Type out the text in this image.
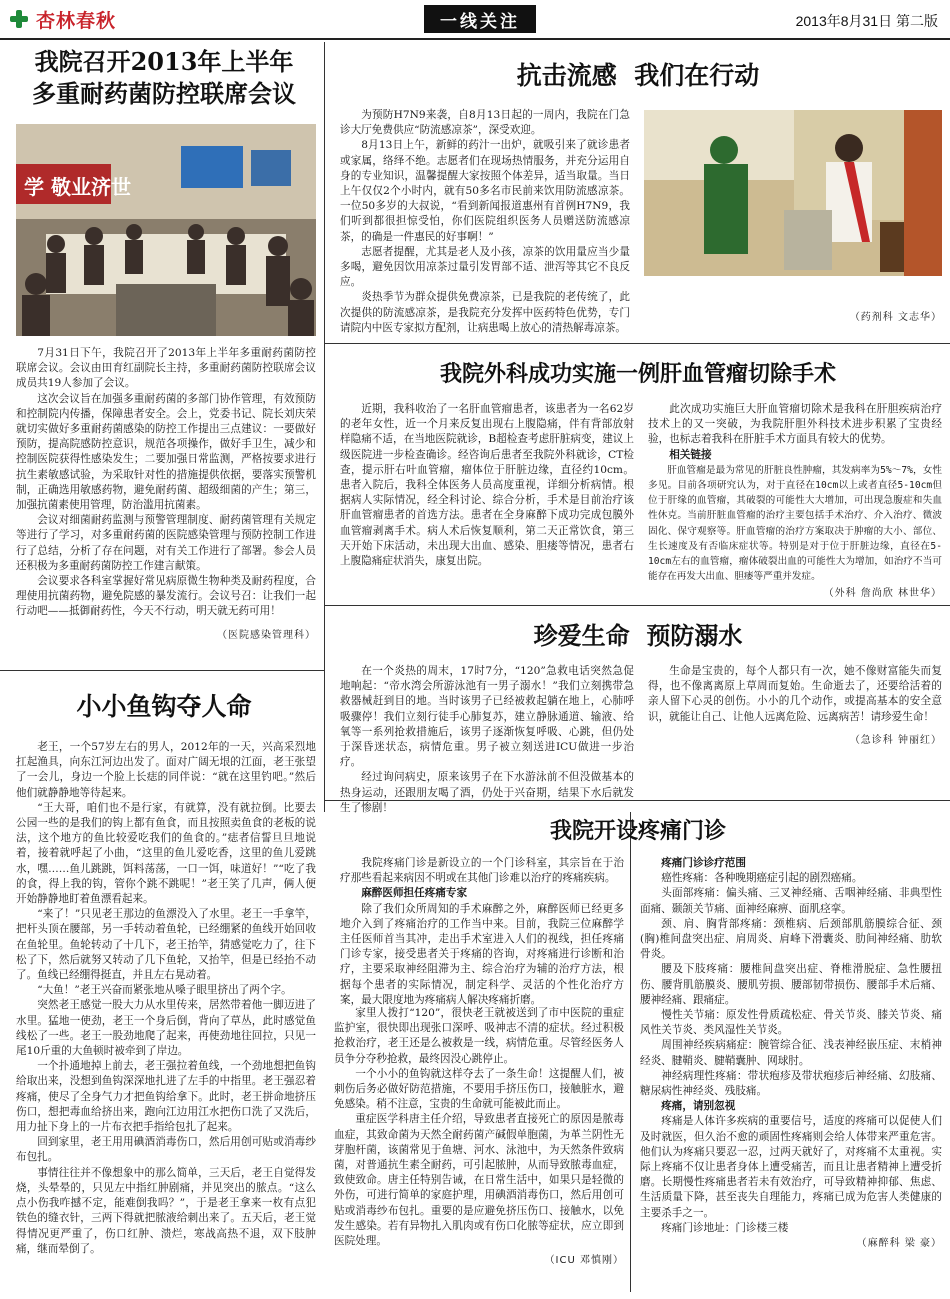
杏林春秋	一线关注	2013年8月31日 第二版
我院召开2013年上半年
多重耐药菌防控联席会议
学 敬业济世

7月31日下午，我院召开了2013年上半年多重耐药菌防控联席会议。会议由田育红副院长主持，多重耐药菌防控联席会议成员共19人参加了会议。

这次会议旨在加强多重耐药菌的多部门协作管理，有效预防和控制院内传播，保障患者安全。会上，党委书记、院长刘庆荣就切实做好多重耐药菌感染的防控工作提出三点建议：一要做好预防，提高院感防控意识，规范各项操作，做好手卫生，减少和控制医院获得性感染发生；二要加强日常监测，严格按要求进行抗生素敏感试验，为采取针对性的措施提供依据，要落实预警机制，正确选用敏感药物，避免耐药菌、超级细菌的产生；第三，加强抗菌素使用管理，防治滥用抗菌素。

会议对细菌耐药监测与预警管理制度、耐药菌管理有关规定等进行了学习，对多重耐药菌的医院感染管理与预防控制工作进行了总结，分析了存在问题，对有关工作进行了部署。参会人员还积极为多重耐药菌防控工作建言献策。

会议要求各科室掌握好常见病原微生物种类及耐药程度，合理使用抗菌药物，避免院感的暴发流行。会议号召：让我们一起行动吧——抵御耐药性，今天不行动，明天就无药可用！

（医院感染管理科）
抗击流感  我们在行动

为预防H7N9来袭，自8月13日起的一周内，我院在门急诊大厅免费供应“防流感凉茶”，深受欢迎。

8月13日上午，新鲜的药汁一出炉，就吸引来了就诊患者或家属，络绎不绝。志愿者们在现场热情服务，并充分运用自身的专业知识，温馨提醒大家按照个体差异，适当取量。当日上午仅仅2个小时内，就有50多名市民前来饮用防流感凉茶。一位50多岁的大叔说，“看到新闻报道惠州有首例H7N9，我们听到都很担惊受怕，你们医院组织医务人员赠送防流感凉茶，的确是一件惠民的好事啊！”

志愿者提醒，尤其是老人及小孩，凉茶的饮用量应当少量多喝，避免因饮用凉茶过量引发胃部不适、泄泻等其它不良反应。

炎热季节为群众提供免费凉茶，已是我院的老传统了，此次提供的防流感凉茶，是我院充分发挥中医药特色优势，专门请院内中医专家拟方配剂，让病患喝上放心的清热解毒凉茶。

（药剂科 文志华）
我院外科成功实施一例肝血管瘤切除手术

近期，我科收治了一名肝血管瘤患者，该患者为一名62岁的老年女性，近一个月来反复出现右上腹隐痛，伴有背部放射样隐痛不适，在当地医院就诊，B超检查考虑肝脏病变，建议上级医院进一步检查确诊。经咨询后患者至我院外科就诊，CT检查，提示肝右叶血管瘤，瘤体位于肝脏边缘，直径约10cm。患者入院后，我科全体医务人员高度重视，详细分析病情。根据病人实际情况，经全科讨论、综合分析，手术是目前治疗该肝血管瘤患者的首选方法。患者在全身麻醉下成功完成包膜外血管瘤剥离手术。病人术后恢复顺利，第二天正常饮食，第三天开始下床活动，未出现大出血、感染、胆瘘等情况，患者右上腹隐痛症状消失，康复出院。

此次成功实施巨大肝血管瘤切除术是我科在肝胆疾病治疗技术上的又一突破，为我院肝胆外科技术进步积累了宝贵经验，也标志着我科在肝脏手术方面具有较大的优势。

相关链接

肝血管瘤是最为常见的肝脏良性肿瘤，其发病率为5%～7%，女性多见。目前各项研究认为，对于直径在10cm以上或者直径5-10cm但位于肝缘的血管瘤，其破裂的可能性大大增加，可出现急腹症和失血性休克。当前肝脏血管瘤的治疗主要包括手术治疗、介入治疗、微波固化、保守观察等。肝血管瘤的治疗方案取决于肿瘤的大小、部位、生长速度及有否临床症状等。特别是对于位于肝脏边缘，直径在5-10cm左右的血管瘤，瘤体破裂出血的可能性大为增加，如治疗不当可能存在再发大出血、胆瘘等严重并发症。

（外科 詹尚欣 林世华）
珍爱生命  预防溺水

在一个炎热的周末，17时7分，“120”急救电话突然急促地响起：“帝水湾会所游泳池有一男子溺水！”我们立刻携带急救器械赶到目的地。当时该男子已经被救起躺在地上，心肺呼吸骤停！我们立刻行徒手心肺复苏，建立静脉通道、输液、给氧等一系列抢救措施后，该男子逐渐恢复呼吸、心跳，但仍处于深昏迷状态，病情危重。男子被立刻送进ICU做进一步治疗。

经过询问病史，原来该男子在下水游泳前不但没做基本的热身运动，还跟朋友喝了酒，仍处于兴奋期，结果下水后就发生了惨剧！

生命是宝贵的，每个人都只有一次，她不像财富能失而复得，也不像离离原上草周而复始。生命逝去了，还要给活着的亲人留下心灵的创伤。小小的几个动作，或提高基本的安全意识，就能让自己、让他人远离危险、远离病苦！请珍爱生命！

（急诊科 钟丽红）
小小鱼钩夺人命

老王，一个57岁左右的男人，2012年的一天，兴高采烈地扛起渔具，向东江河边出发了。面对广阔无垠的江面，老王张望了一会儿，身边一个脸上长痣的同伴说：“就在这里钓吧。”然后他们就静静地等待起来。

“王大哥，咱们也不是行家，有就算，没有就拉倒。比要去公园一些的是我们的钩上都有鱼食，而且按照卖鱼食的老板的说法，这个地方的鱼比较爱吃我们的鱼食的。”痣者信誓旦旦地说着，接着就呼起了小曲，“这里的鱼儿爱吃香，这里的鱼儿爱跳水，嘿……鱼儿跳跳，饵料荡荡，一口一饵，味道好！”“吃了我的食，得上我的钩，管你个跳不跳呢！”老王笑了几声，俩人便开始静静地盯着鱼漂看起来。

“来了！”只见老王那边的鱼漂没入了水里。老王一手拿竿，把杆头顶在腰部，另一手转动着鱼轮，已经绷紧的鱼线开始回收在鱼轮里。鱼轮转动了十几下，老王抬竿，猜感觉吃力了，往下松了下，然后就努又转动了几下鱼轮，又抬竿，但是已经抬不动了。鱼线已经绷得挺直，并且左右晃动着。

“大鱼！”老王兴奋而紧张地从嗓子眼里挤出了两个字。

突然老王感觉一股大力从水里传来，居然带着他一脚迈进了水里。猛地一使劲，老王一个身后倒，背向了草丛，此时感觉鱼线松了一些。老王一股劲地爬了起来，再使劲地往回拉，只见一尾10斤重的大鱼顿时被牵到了岸边。

一个扑通地掉上前去，老王强拉着鱼线，一个劲地想把鱼钩给取出来，没想到鱼钩深深地扎进了左手的中指里。老王强忍着疼痛，使尽了全身气力才把鱼钩给拿下。此时，老王拼命地挤压伤口，想把毒血给挤出来，跑向江边用江水把伤口洗了又洗后，用力扯下身上的一片布衣把手指给包扎了起来。

回到家里，老王用用碘酒消毒伤口，然后用创可贴或消毒纱布包扎。

事情往往并不像想象中的那么简单，三天后，老王自觉得发烧，头晕晕的，只见左中指红肿剧痛，并见突出的脓点。“这么点小伤我咋撼不定，能难倒我吗？”，于是老王拿来一枚有点犯铁色的缝衣针，三两下得就把脓液给刺出来了。五天后，老王觉得情况更严重了，伤口红肿、溃烂，寒战高热不退，双下肢肿痛，继而晕倒了。

家里人拨打“120”，很快老王就被送到了市中医院的重症监护室，很快即出现张口深呼、吸神志不清的症状。经过积极抢救治疗，老王还是么被救是一线，病情危重。尽管经医务人员争分夺秒抢救，最终因没心跳停止。

一个小小的鱼钩就这样夺去了一条生命！这提醒人们，被刺伤后务必做好防范措施，不要用手挤压伤口，接触脏水，避免感染。稍不注意，宝贵的生命就可能被此而止。

重症医学科唐主任介绍，导致患者直接死亡的原因是脓毒血症，其致命菌为天然全耐药菌产碱假单胞菌，为革兰阴性无芽胞杆菌，该菌常见于鱼塘、河水、泳池中，为天然条件致病菌，对普通抗生素全耐药，可引起脓肿，从而导致脓毒血症，致使致命。唐主任特别告诫，在日常生活中，如果只是轻微的外伤，可进行简单的家庭护理，用碘酒消毒伤口，然后用创可贴或消毒纱布包扎。重要的是应避免挤压伤口、接触水，以免发生感染。若有异物扎入肌肉或有伤口化脓等症状，应立即到医院处理。

（ICU 邓慎刚）
我院开设疼痛门诊

我院疼痛门诊是新设立的一个门诊科室，其宗旨在于治疗那些看起来病因不明或在其他门诊难以治疗的疼痛疾病。

麻醉医师担任疼痛专家

除了我们众所周知的手术麻醉之外，麻醉医师已经更多地介入到了疼痛治疗的工作当中来。目前，我院三位麻醉学主任医师首当其冲，走出手术室进入人们的视线，担任疼痛门诊专家，接受患者关于疼痛的咨询，对疼痛进行诊断和治疗，主要采取神经阻滞为主、综合治疗为辅的治疗方法，根据每个患者的实际情况，制定科学、灵活的个性化治疗方案，最大限度地为疼痛病人解决疼痛折磨。

疼痛门诊诊疗范围

癌性疼痛：各种晚期癌症引起的剧烈癌痛。

头面部疼痛：偏头痛、三叉神经痛、舌咽神经痛、非典型性面痛、颞颌关节痛、面神经麻痹、面肌痉挛。

颈、肩、胸背部疼痛：颈椎病、后颈部肌筋膜综合征、颈(胸)椎间盘突出症、肩周炎、肩峰下滑囊炎、肋间神经痛、肋软骨炎。

腰及下肢疼痛：腰椎间盘突出症、脊椎滑脱症、急性腰扭伤、腰背肌筋膜炎、腰肌劳损、腰部韧带损伤、腰部手术后痛、腰神经痛、跟痛症。

慢性关节痛：原发性骨质疏松症、骨关节炎、膝关节炎、痛风性关节炎、类风湿性关节炎。

周围神经疾病痛症：腕管综合征、浅表神经嵌压症、末梢神经炎、腱鞘炎、腱鞘囊肿、网球肘。

神经病理性疼痛：带状疱疹及带状疱疹后神经痛、幻肢痛、糖尿病性神经炎、残肢痛。

疼痛，请别忽视

疼痛是人体许多疾病的重要信号，适度的疼痛可以促使人们及时就医，但久治不愈的顽固性疼痛则会给人体带来严重危害。他们认为疼痛只要忍一忍，过两天就好了，对疼痛不太重视。实际上疼痛不仅让患者身体上遭受痛苦，而且让患者精神上遭受折磨。长期慢性疼痛患者若未有效治疗，可导致精神抑郁、焦虑、生活质量下降，甚至丧失自理能力，疼痛已成为危害人类健康的主要杀手之一。

疼痛门诊地址：门诊楼三楼

（麻醉科 梁 豪）
